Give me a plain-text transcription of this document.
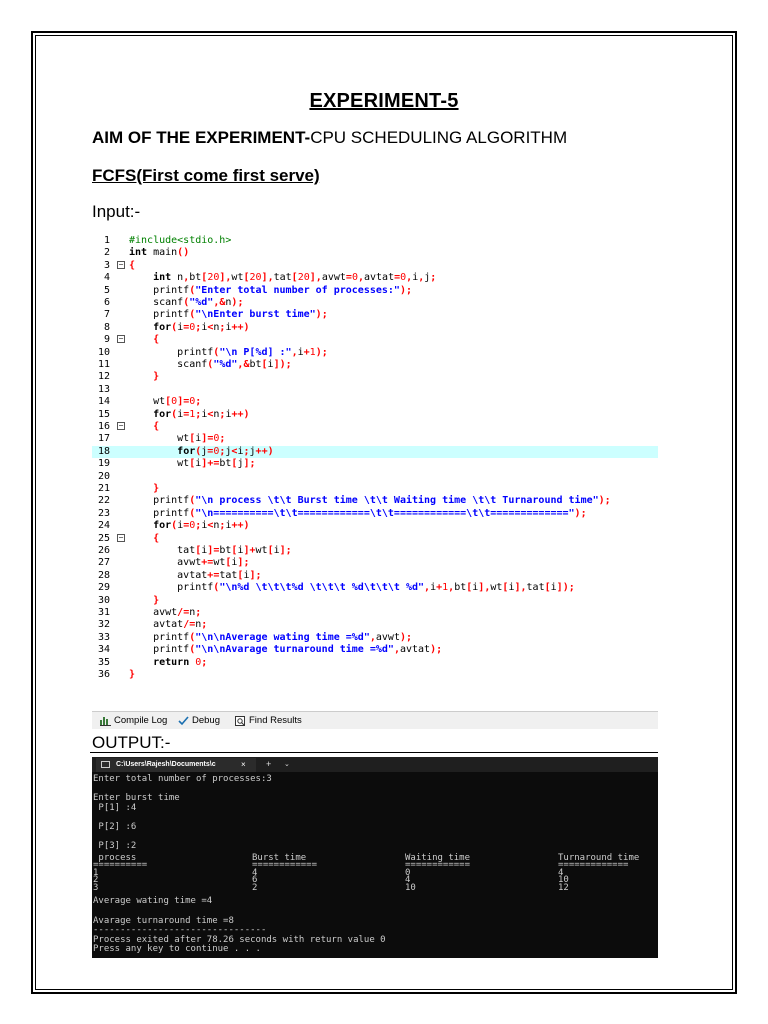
EXPERIMENT-5
AIM OF THE EXPERIMENT-CPU SCHEDULING ALGORITHM
FCFS(First come first serve)
Input:-
1 #include<stdio.h>
2 int main()
3 − {
4	int n,bt[20],wt[20],tat[20],avwt=0,avtat=0,i,j;
5 printf("Enter total number of processes:");
6 scanf("%d",&n);
7 printf("\nEnter burst time");
8	for(i=0;i<n;i++)
9 −	{
10 printf("\n P[%d] :",i+1);
11 scanf("%d",&bt[i]);
12	}
13
14 wt[0]=0;
15	for(i=1;i<n;i++)
16 −	{
17 wt[i]=0;
18	for(j=0;j<i;j++)
19 wt[i]+=bt[j];
20
21	}
22 printf("\n process \t\t Burst time \t\t Waiting time \t\t Turnaround time");
23 printf("\n==========\t\t============\t\t============\t\t=============");
24	for(i=0;i<n;i++)
25 −	{
26 tat[i]=bt[i]+wt[i];
27 avwt+=wt[i];
28 avtat+=tat[i];
29 printf("\n%d \t\t\t%d \t\t\t %d\t\t\t %d",i+1,bt[i],wt[i],tat[i]);
30	}
31 avwt/=n;
32 avtat/=n;
33 printf("\n\nAverage wating time =%d",avwt);
34 printf("\n\nAvarage turnaround time =%d",avtat);
35	return 0;
36 }
Compile Log	Debug	Find Results
OUTPUT:-
C:\Users\Rajesh\Documents\c	× + ⌄
Enter total number of processes:3
Enter burst time
P[1] :4
P[2] :6
P[3] :2
process	Burst time	Waiting time	Turnaround time
==========	============	============	=============
1	4	0	4
2	6	4	10
3	2	10	12
Average wating time =4
Avarage turnaround time =8
--------------------------------
Process exited after 78.26 seconds with return value 0
Press any key to continue . . .
